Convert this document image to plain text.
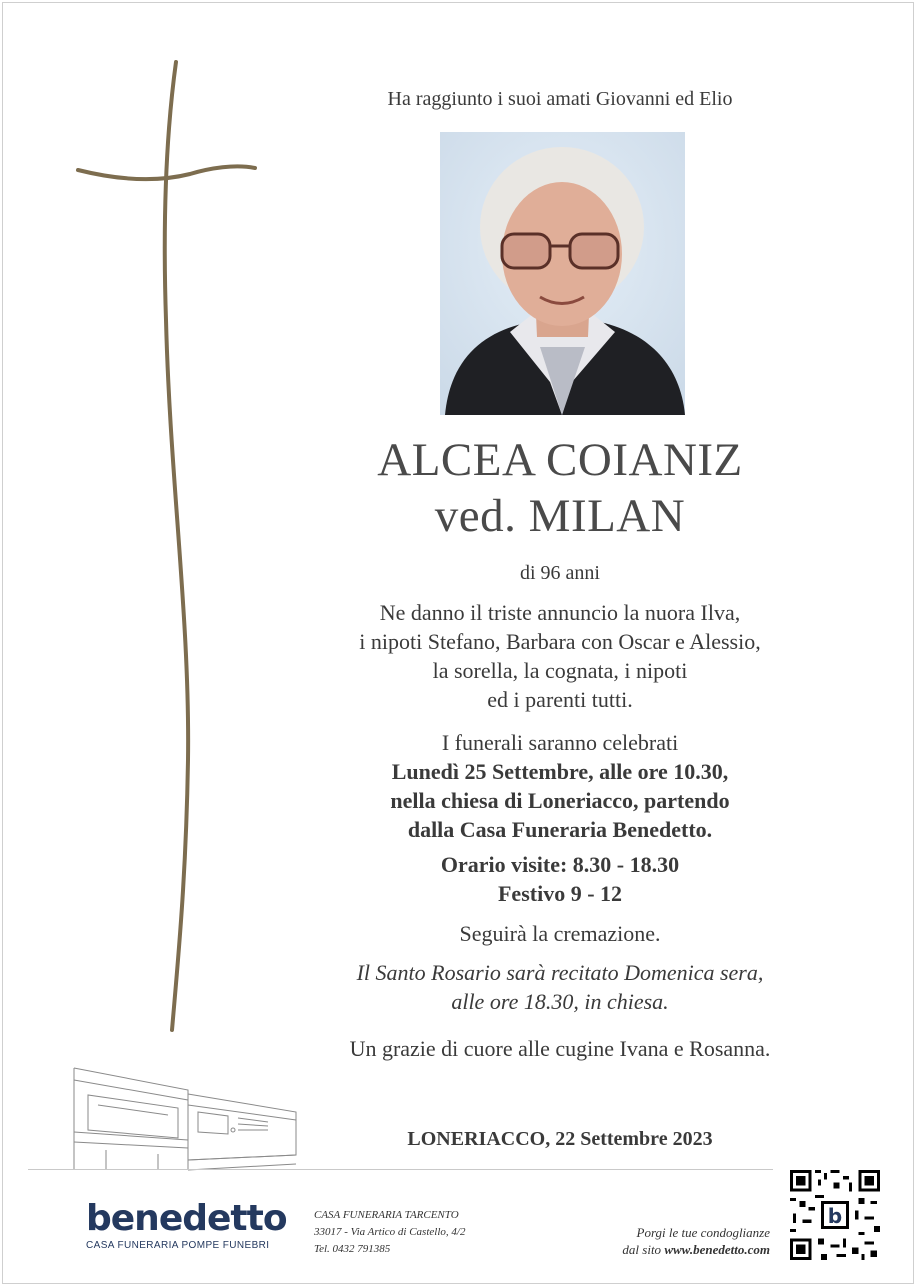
Ha raggiunto i suoi amati Giovanni ed Elio
ALCEA COIANIZ
ved. MILAN
di 96 anni
Ne danno il triste annuncio la nuora Ilva,
i nipoti Stefano, Barbara con Oscar e Alessio,
la sorella, la cognata, i nipoti
ed i parenti tutti.
I funerali saranno celebrati
Lunedì 25 Settembre, alle ore 10.30,
nella chiesa di Loneriacco, partendo
dalla Casa Funeraria Benedetto.
Orario visite: 8.30 - 18.30
Festivo 9 - 12
Seguirà la cremazione.
Il Santo Rosario sarà recitato Domenica sera,
alle ore 18.30, in chiesa.
Un grazie di cuore alle cugine Ivana e Rosanna.
LONERIACCO, 22 Settembre 2023
benedetto
CASA FUNERARIA POMPE FUNEBRI
CASA FUNERARIA TARCENTO
33017 - Via Artico di Castello, 4/2
Tel. 0432 791385
Porgi le tue condoglianze
dal sito www.benedetto.com
b
